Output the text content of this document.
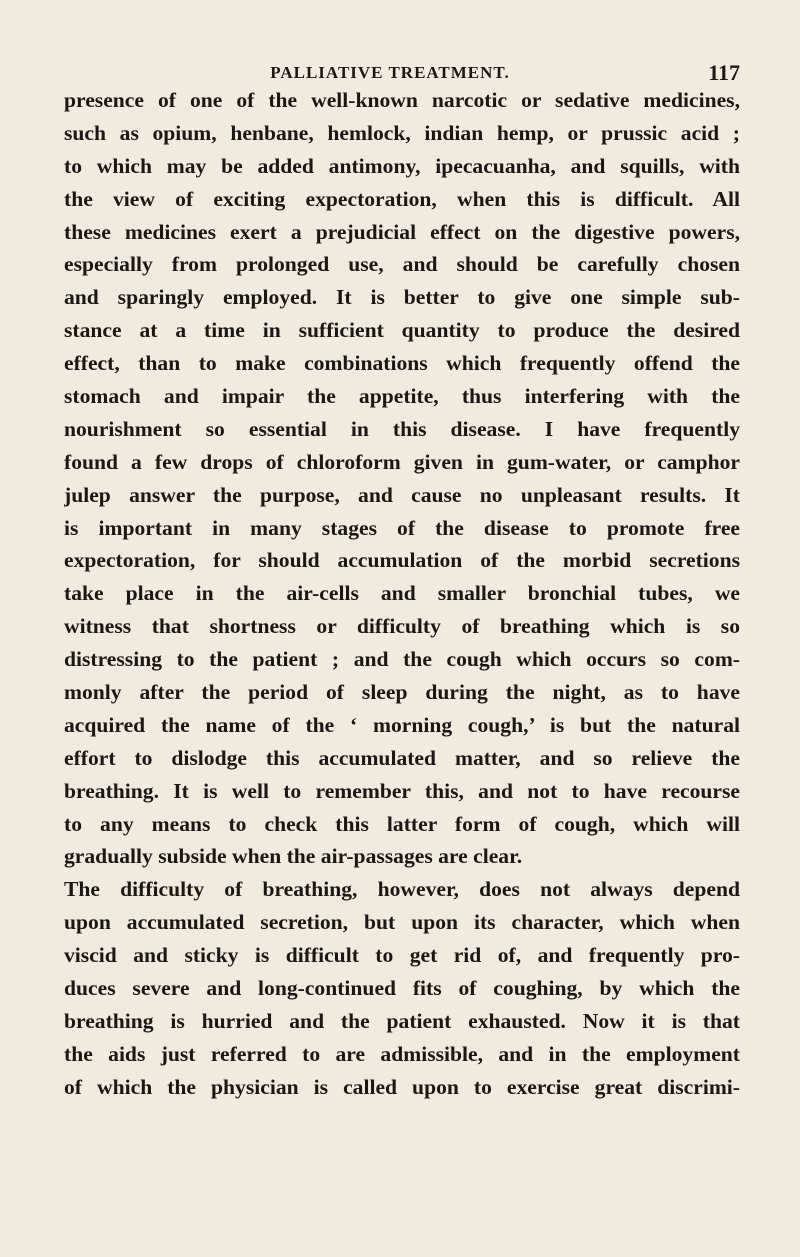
PALLIATIVE TREATMENT.	117
presence of one of the well-known narcotic or sedative medicines,
such as opium, henbane, hemlock, indian hemp, or prussic acid ;
to which may be added antimony, ipecacuanha, and squills, with
the view of exciting expectoration, when this is difficult. All
these medicines exert a prejudicial effect on the digestive powers,
especially from prolonged use, and should be carefully chosen
and sparingly employed. It is better to give one simple sub-
stance at a time in sufficient quantity to produce the desired
effect, than to make combinations which frequently offend the
stomach and impair the appetite, thus interfering with the
nourishment so essential in this disease. I have frequently
found a few drops of chloroform given in gum-water, or camphor
julep answer the purpose, and cause no unpleasant results. It
is important in many stages of the disease to promote free
expectoration, for should accumulation of the morbid secretions
take place in the air-cells and smaller bronchial tubes, we
witness that shortness or difficulty of breathing which is so
distressing to the patient ; and the cough which occurs so com-
monly after the period of sleep during the night, as to have
acquired the name of the ‘ morning cough,’ is but the natural
effort to dislodge this accumulated matter, and so relieve the
breathing. It is well to remember this, and not to have recourse
to any means to check this latter form of cough, which will
gradually subside when the air-passages are clear.
The difficulty of breathing, however, does not always depend
upon accumulated secretion, but upon its character, which when
viscid and sticky is difficult to get rid of, and frequently pro-
duces severe and long-continued fits of coughing, by which the
breathing is hurried and the patient exhausted. Now it is that
the aids just referred to are admissible, and in the employment
of which the physician is called upon to exercise great discrimi-
